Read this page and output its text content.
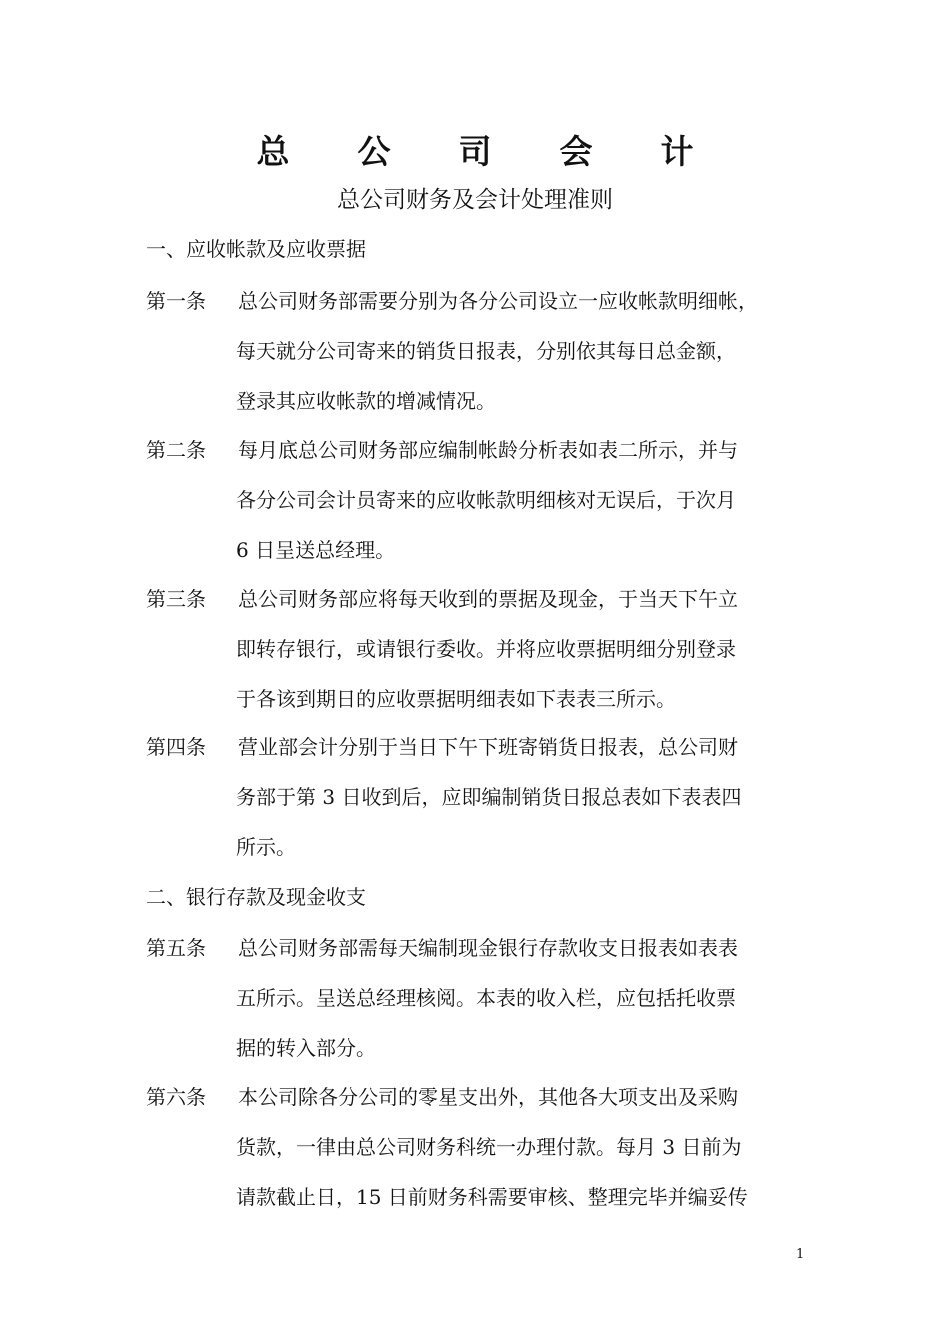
总公司会计
总公司财务及会计处理准则
一、应收帐款及应收票据
第一条	总公司财务部需要分别为各分公司设立一应收帐款明细帐，
每天就分公司寄来的销货日报表，分别依其每日总金额，
登录其应收帐款的增减情况。
第二条	每月底总公司财务部应编制帐龄分析表如表二所示，并与
各分公司会计员寄来的应收帐款明细核对无误后，于次月
6 日呈送总经理。
第三条	总公司财务部应将每天收到的票据及现金，于当天下午立
即转存银行，或请银行委收。并将应收票据明细分别登录
于各该到期日的应收票据明细表如下表表三所示。
第四条	营业部会计分别于当日下午下班寄销货日报表，总公司财
务部于第 3 日收到后，应即编制销货日报总表如下表表四
所示。
二、银行存款及现金收支
第五条	总公司财务部需每天编制现金银行存款收支日报表如表表
五所示。呈送总经理核阅。本表的收入栏，应包括托收票
据的转入部分。
第六条	本公司除各分公司的零星支出外，其他各大项支出及采购
货款，一律由总公司财务科统一办理付款。每月 3 日前为
请款截止日，15 日前财务科需要审核、整理完毕并编妥传
1
